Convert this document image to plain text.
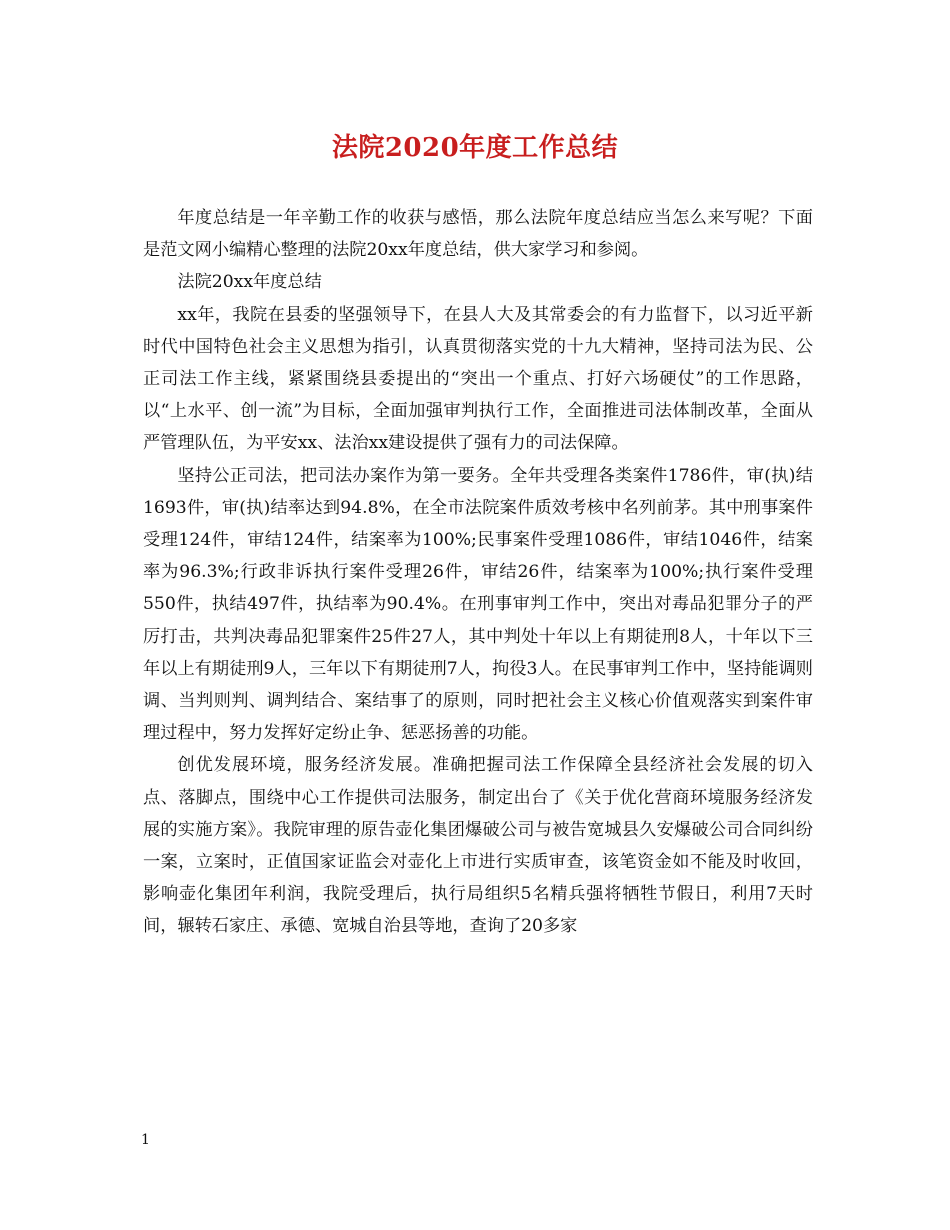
法院2020年度工作总结

年度总结是一年辛勤工作的收获与感悟，那么法院年度总结应当怎么来写呢？下面是范文网小编精心整理的法院20xx年度总结，供大家学习和参阅。

法院20xx年度总结

xx年，我院在县委的坚强领导下，在县人大及其常委会的有力监督下，以习近平新时代中国特色社会主义思想为指引，认真贯彻落实党的十九大精神，坚持司法为民、公正司法工作主线，紧紧围绕县委提出的“突出一个重点、打好六场硬仗”的工作思路，以“上水平、创一流”为目标，全面加强审判执行工作，全面推进司法体制改革，全面从严管理队伍，为平安xx、法治xx建设提供了强有力的司法保障。

坚持公正司法，把司法办案作为第一要务。全年共受理各类案件1786件，审(执)结1693件，审(执)结率达到94.8%，在全市法院案件质效考核中名列前茅。其中刑事案件受理124件，审结124件，结案率为100%;民事案件受理1086件，审结1046件，结案率为96.3%;行政非诉执行案件受理26件，审结26件，结案率为100%;执行案件受理550件，执结497件，执结率为90.4%。在刑事审判工作中，突出对毒品犯罪分子的严厉打击，共判决毒品犯罪案件25件27人，其中判处十年以上有期徒刑8人，十年以下三年以上有期徒刑9人，三年以下有期徒刑7人，拘役3人。在民事审判工作中，坚持能调则调、当判则判、调判结合、案结事了的原则，同时把社会主义核心价值观落实到案件审理过程中，努力发挥好定纷止争、惩恶扬善的功能。

创优发展环境，服务经济发展。准确把握司法工作保障全县经济社会发展的切入点、落脚点，围绕中心工作提供司法服务，制定出台了《关于优化营商环境服务经济发展的实施方案》。我院审理的原告壶化集团爆破公司与被告宽城县久安爆破公司合同纠纷一案，立案时，正值国家证监会对壶化上市进行实质审查，该笔资金如不能及时收回，影响壶化集团年利润，我院受理后，执行局组织5名精兵强将牺牲节假日，利用7天时间，辗转石家庄、承德、宽城自治县等地，查询了20多家

1
